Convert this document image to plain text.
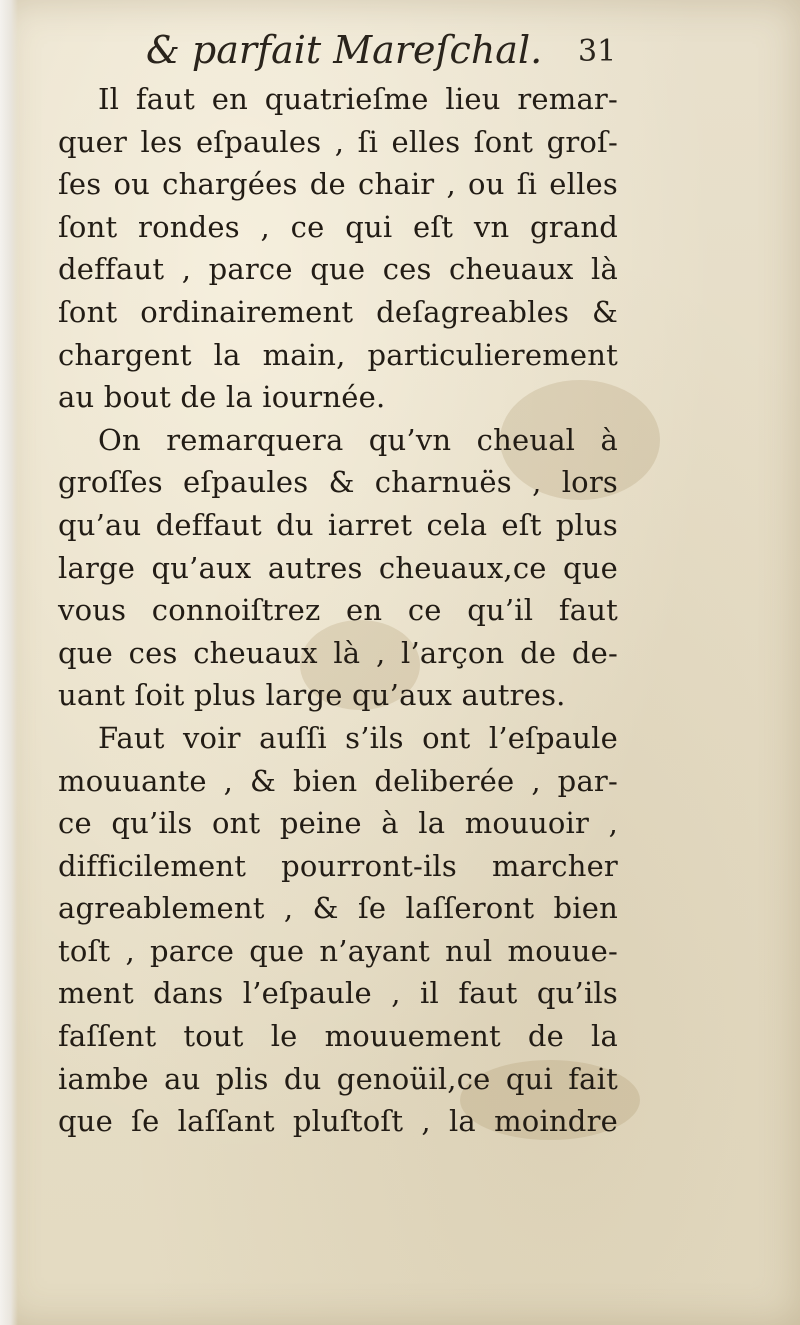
& parfait Mareſchal. 31
Il faut en quatrieſme lieu remar-
quer les eſpaules , ſi elles ſont groſ-
ſes ou chargées de chair , ou ſi elles
ſont rondes , ce qui eſt vn grand
deffaut , parce que ces cheuaux là
ſont ordinairement deſagreables &
chargent la main, particulierement
au bout de la iournée.
On remarquera qu’vn cheual à
groſſes eſpaules & charnuës , lors
qu’au deffaut du iarret cela eſt plus
large qu’aux autres cheuaux,ce que
vous connoiſtrez en ce qu’il faut
que ces cheuaux là , l’arçon de de-
uant ſoit plus large qu’aux autres.
Faut voir auſſi s’ils ont l’eſpaule
mouuante , & bien deliberée , par-
ce qu’ils ont peine à la mouuoir ,
difficilement pourront-ils marcher
agreablement , & ſe laſſeront bien
toſt , parce que n’ayant nul mouue-
ment dans l’eſpaule , il faut qu’ils
faſſent tout le mouuement de la
iambe au plis du genoüil,ce qui fait
que ſe laſſant pluſtoſt , la moindre
